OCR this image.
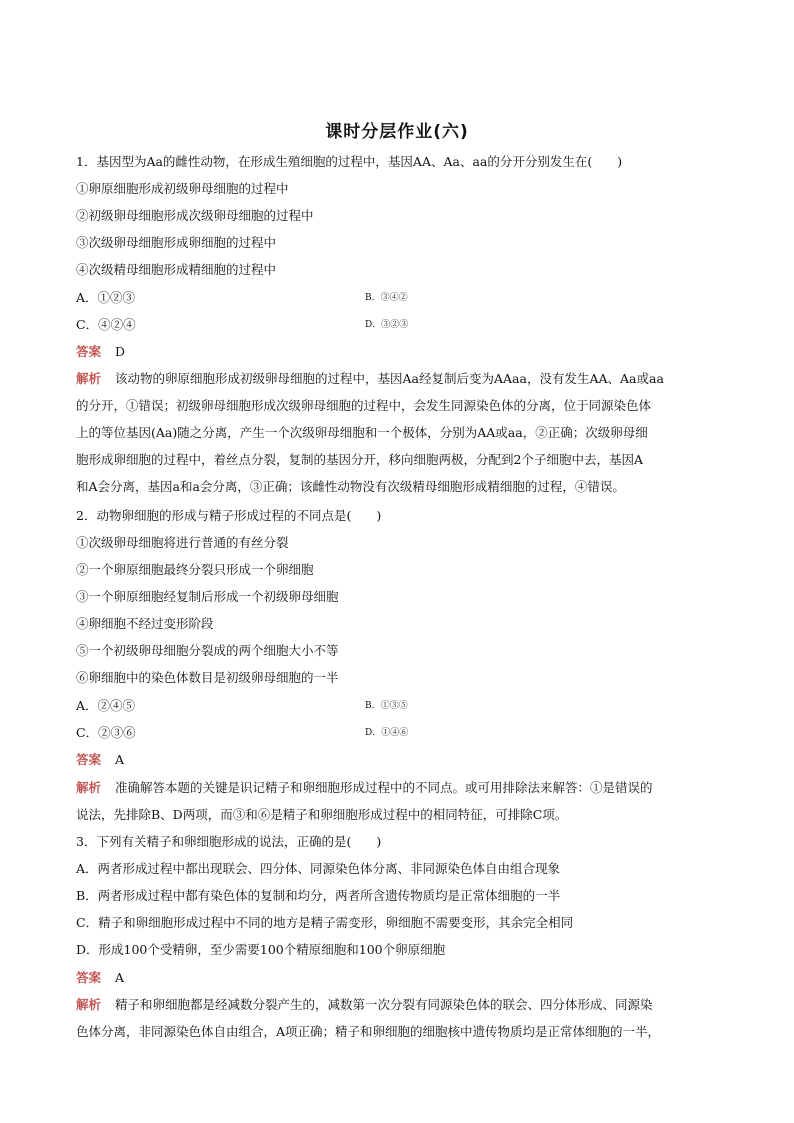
课时分层作业(六)
1．基因型为Aa的雌性动物，在形成生殖细胞的过程中，基因AA、Aa、aa的分开分别发生在(　　)
①卵原细胞形成初级卵母细胞的过程中
②初级卵母细胞形成次级卵母细胞的过程中
③次级卵母细胞形成卵细胞的过程中
④次级精母细胞形成精细胞的过程中
A．①②③	B．③④②
C．④②④	D．③②③
答案 D
解析 该动物的卵原细胞形成初级卵母细胞的过程中，基因Aa经复制后变为AAaa，没有发生AA、Aa或aa
的分开，①错误；初级卵母细胞形成次级卵母细胞的过程中，会发生同源染色体的分离，位于同源染色体
上的等位基因(Aa)随之分离，产生一个次级卵母细胞和一个极体，分别为AA或aa，②正确；次级卵母细
胞形成卵细胞的过程中，着丝点分裂，复制的基因分开，移向细胞两极，分配到2个子细胞中去，基因A
和A会分离，基因a和a会分离，③正确；该雌性动物没有次级精母细胞形成精细胞的过程，④错误。
2．动物卵细胞的形成与精子形成过程的不同点是(　　)
①次级卵母细胞将进行普通的有丝分裂
②一个卵原细胞最终分裂只形成一个卵细胞
③一个卵原细胞经复制后形成一个初级卵母细胞
④卵细胞不经过变形阶段
⑤一个初级卵母细胞分裂成的两个细胞大小不等
⑥卵细胞中的染色体数目是初级卵母细胞的一半
A．②④⑤	B．①③⑤
C．②③⑥	D．①④⑥
答案 A
解析 准确解答本题的关键是识记精子和卵细胞形成过程中的不同点。或可用排除法来解答：①是错误的
说法，先排除B、D两项，而③和⑥是精子和卵细胞形成过程中的相同特征，可排除C项。
3．下列有关精子和卵细胞形成的说法，正确的是(　　)
A．两者形成过程中都出现联会、四分体、同源染色体分离、非同源染色体自由组合现象
B．两者形成过程中都有染色体的复制和均分，两者所含遗传物质均是正常体细胞的一半
C．精子和卵细胞形成过程中不同的地方是精子需变形，卵细胞不需要变形，其余完全相同
D．形成100个受精卵，至少需要100个精原细胞和100个卵原细胞
答案 A
解析 精子和卵细胞都是经减数分裂产生的，减数第一次分裂有同源染色体的联会、四分体形成、同源染
色体分离，非同源染色体自由组合，A项正确；精子和卵细胞的细胞核中遗传物质均是正常体细胞的一半，
